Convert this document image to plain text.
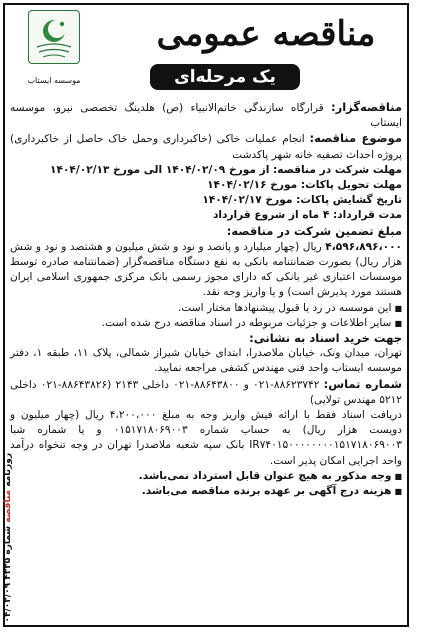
موسسه ایستاب
مناقصه عمومی
یک مرحله‌ای

مناقصه‌گزار: قرارگاه سازندگی خاتم‌الانبیاء (ص) هلدینگ تخصصی نیرو، موسسه ایستاب

موضوع مناقصه: انجام عملیات خاکی (خاکبرداری وحمل خاک حاصل از خاکبرداری) پروژه احداث تصفیه خانه شهر پاکدشت

مهلت شرکت در مناقصه: از مورخ ۱۴۰۴/۰۲/۰۹ الی مورخ ۱۴۰۴/۰۲/۱۳

مهلت تحویل پاکات: مورخ ۱۴۰۴/۰۲/۱۶

تاریخ گشایش پاکات: مورخ ۱۴۰۴/۰۲/۱۷

مدت قرارداد: ۴ ماه از شروع قرارداد

مبلغ تضمین شرکت در مناقصه:

۴،۵۹۶،۸۹۶،۰۰۰ ریال (چهار میلیارد و پانصد و نود و شش میلیون و هشتصد و نود و شش هزار ریال) بصورت ضمانتنامه بانکی به نفع دستگاه مناقصه‌گزار (ضمانتنامه صادره توسط موسسات اعتباری غیر بانکی که دارای مجوز رسمی بانک مرکزی جمهوری اسلامی ایران هستند مورد پذیرش است) و یا واریز وجه نقد.

■ این موسسه در رد یا قبول پیشنهادها مختار است.

■ سایر اطلاعات و جزئیات مربوطه در اسناد مناقصه درج شده است.

جهت خرید اسناد به نشانی:

تهران، میدان ونک، خیابان ملاصدرا، ابتدای خیابان شیراز شمالی، پلاک ۱۱، طبقه ۱، دفتر موسسه ایستاب واحد فنی مهندس کشفی مراجعه نمایید.

شماره تماس: ۸۸۶۲۳۷۴۲-۰۲۱ و ۸۸۶۴۳۸۰۰-۰۲۱ داخلی ۲۱۴۳ (۸۸۶۴۳۸۲۶-۰۲۱ داخلی ۵۲۱۲ مهندس تولایی)

دریافت اسناد فقط با ارائه فیش واریز وجه به مبلغ ۴،۲۰۰،۰۰۰ ریال (چهار میلیون و دویست هزار ریال) به حساب شماره ۰۱۵۱۷۱۸۰۶۹۰۰۳ و یا شماره شبا IR۷۴۰۱۵۰۰۰۰۰۰۰۰۱۵۱۷۱۸۰۶۹۰۰۳ بانک سپه شعبه ملاصدرا تهران در وجه تنخواه درآمد واحد اجرایی امکان پذیر است.

■ وجه مذکور به هیچ عنوان قابل استرداد نمی‌باشد.

■ هزینه درج آگهی بر عهده برنده مناقصه می‌باشد.

روزنامه مناقصه شماره ۴۳۳۵ ۰۴/۰۲/۰۹
